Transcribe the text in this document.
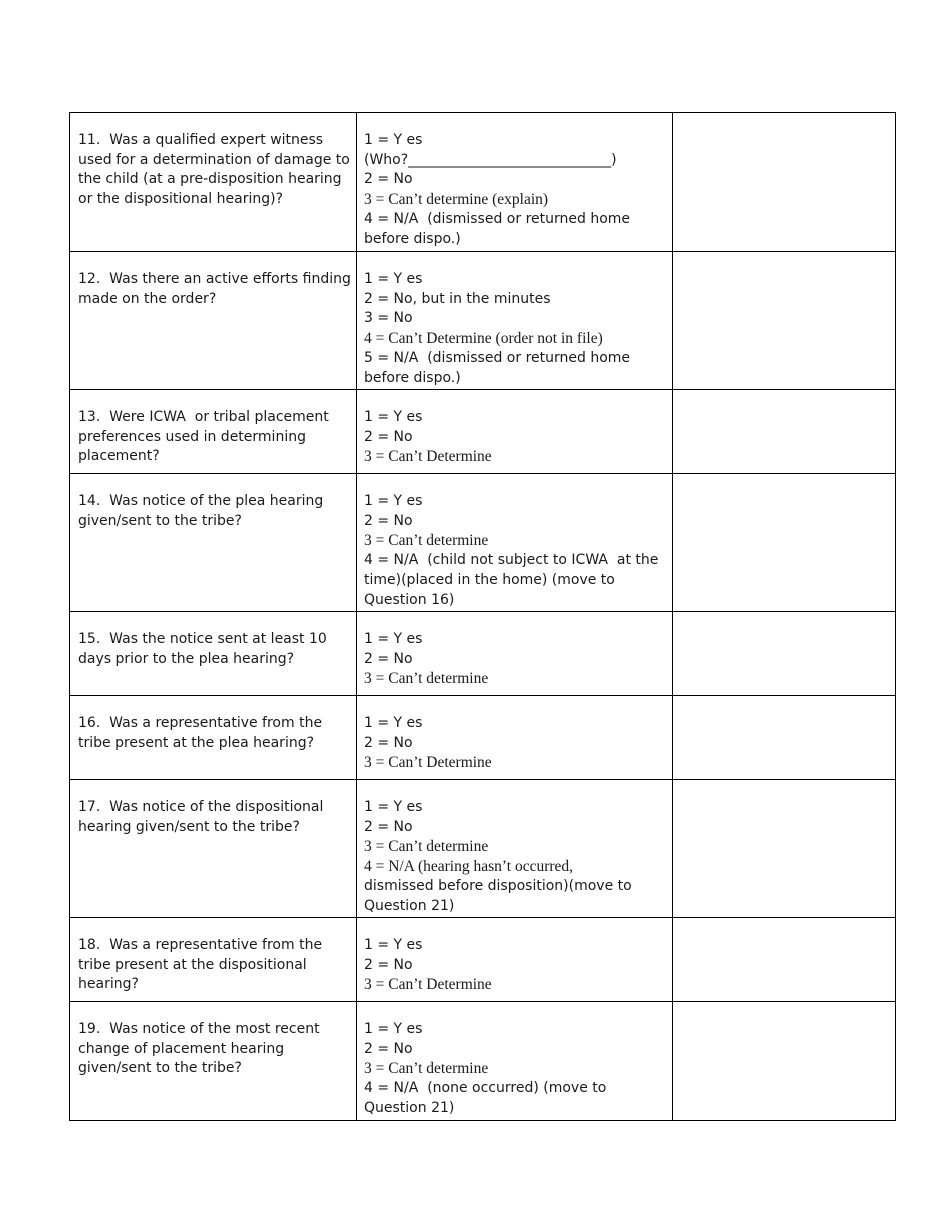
11.  Was a qualified expert witness used for a determination of damage to the child (at a pre-disposition hearing or the dispositional hearing)?	1 = Y es
(Who?_____________________________)
2 = No
3 = Can’t determine (explain)
4 = N/A  (dismissed or returned home before dispo.)	

12.  Was there an active efforts finding made on the order?	1 = Y es
2 = No, but in the minutes
3 = No
4 = Can’t Determine (order not in file)
5 = N/A  (dismissed or returned home before dispo.)	

13.  Were ICWA  or tribal placement preferences used in determining placement?	1 = Y es
2 = No
3 = Can’t Determine	

14.  Was notice of the plea hearing given/sent to the tribe?	1 = Y es
2 = No
3 = Can’t determine
4 = N/A  (child not subject to ICWA  at the time)(placed in the home) (move to Question 16)	

15.  Was the notice sent at least 10 days prior to the plea hearing?	1 = Y es
2 = No
3 = Can’t determine	

16.  Was a representative from the tribe present at the plea hearing?	1 = Y es
2 = No
3 = Can’t Determine	

17.  Was notice of the dispositional hearing given/sent to the tribe?	1 = Y es
2 = No
3 = Can’t determine
4 = N/A (hearing hasn’t occurred,
dismissed before disposition)(move to Question 21)	

18.  Was a representative from the tribe present at the dispositional hearing?	1 = Y es
2 = No
3 = Can’t Determine	

19.  Was notice of the most recent change of placement hearing given/sent to the tribe?	1 = Y es
2 = No
3 = Can’t determine
4 = N/A  (none occurred) (move to Question 21)	
